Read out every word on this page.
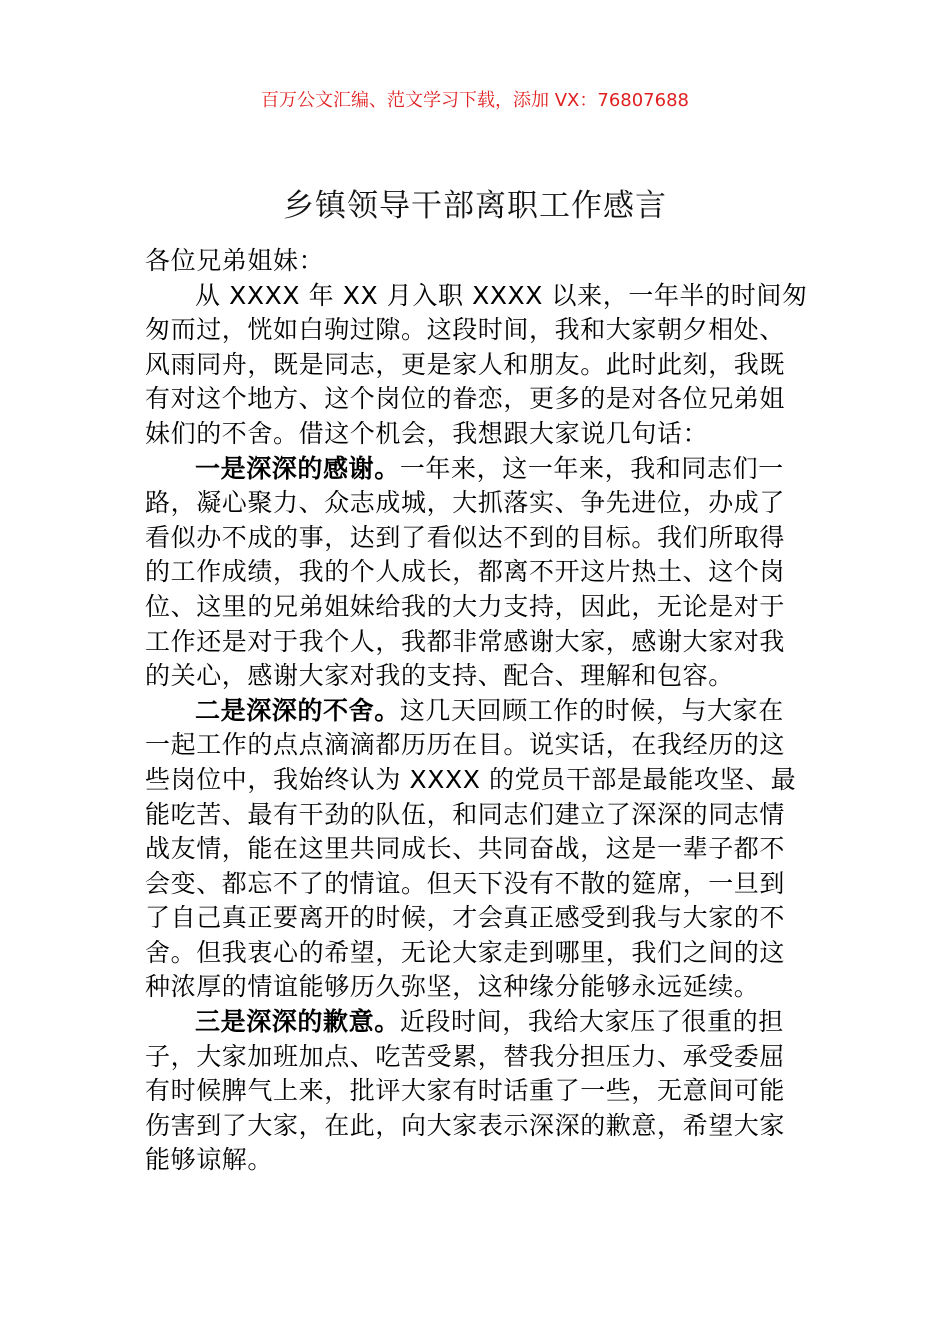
百万公文汇编、范文学习下载，添加 VX：76807688
乡镇领导干部离职工作感言
各位兄弟姐妹：
从 XXXX 年 XX 月入职 XXXX 以来，一年半的时间匆
匆而过，恍如白驹过隙。这段时间，我和大家朝夕相处、
风雨同舟，既是同志，更是家人和朋友。此时此刻，我既
有对这个地方、这个岗位的眷恋，更多的是对各位兄弟姐
妹们的不舍。借这个机会，我想跟大家说几句话：
一是深深的感谢。一年来，这一年来，我和同志们一
路，凝心聚力、众志成城，大抓落实、争先进位，办成了
看似办不成的事，达到了看似达不到的目标。我们所取得
的工作成绩，我的个人成长，都离不开这片热土、这个岗
位、这里的兄弟姐妹给我的大力支持，因此，无论是对于
工作还是对于我个人，我都非常感谢大家，感谢大家对我
的关心，感谢大家对我的支持、配合、理解和包容。
二是深深的不舍。这几天回顾工作的时候，与大家在
一起工作的点点滴滴都历历在目。说实话，在我经历的这
些岗位中，我始终认为 XXXX 的党员干部是最能攻坚、最
能吃苦、最有干劲的队伍，和同志们建立了深深的同志情
战友情，能在这里共同成长、共同奋战，这是一辈子都不
会变、都忘不了的情谊。但天下没有不散的筵席，一旦到
了自己真正要离开的时候，才会真正感受到我与大家的不
舍。但我衷心的希望，无论大家走到哪里，我们之间的这
种浓厚的情谊能够历久弥坚，这种缘分能够永远延续。
三是深深的歉意。近段时间，我给大家压了很重的担
子，大家加班加点、吃苦受累，替我分担压力、承受委屈
有时候脾气上来，批评大家有时话重了一些，无意间可能
伤害到了大家，在此，向大家表示深深的歉意，希望大家
能够谅解。
